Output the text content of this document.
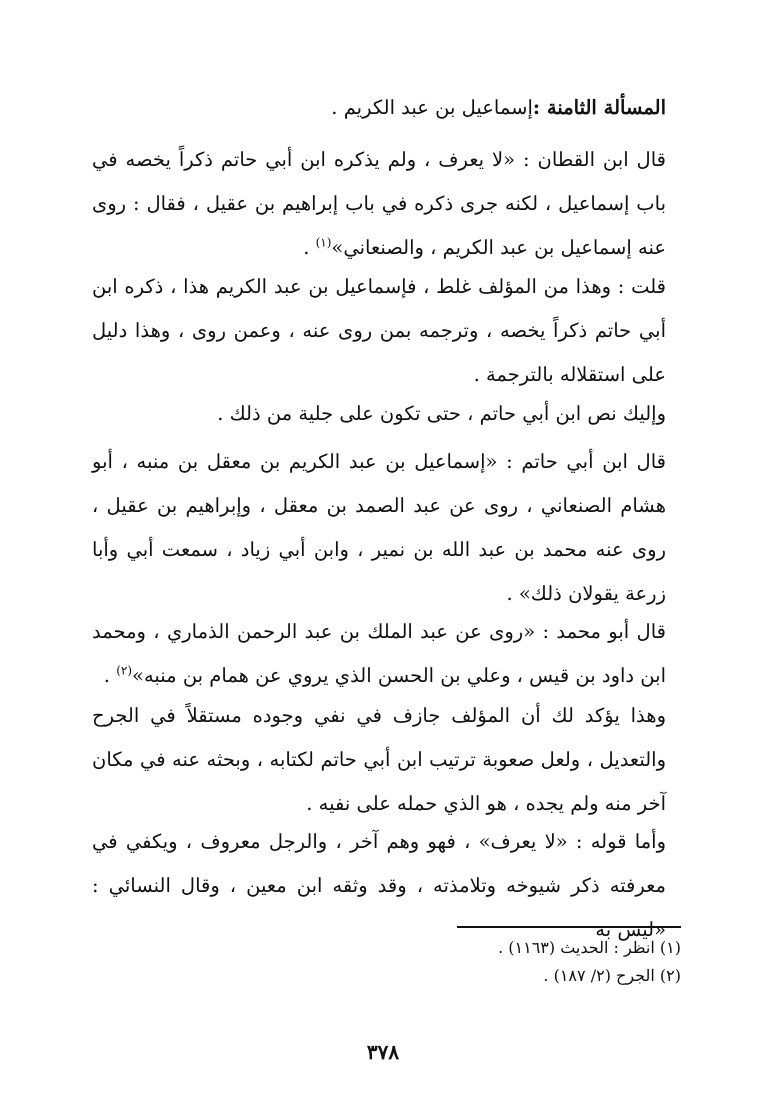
المسألة الثامنة :إسماعيل بن عبد الكريم .

قال ابن القطان : «لا يعرف ، ولم يذكره ابن أبي حاتم ذكراً يخصه في باب إسماعيل ، لكنه جرى ذكره في باب إبراهيم بن عقيل ، فقال : روى عنه إسماعيل بن عبد الكريم ، والصنعاني»$^{(١)}$ .

قلت : وهذا من المؤلف غلط ، فإسماعيل بن عبد الكريم هذا ، ذكره ابن أبي حاتم ذكراً يخصه ، وترجمه بمن روى عنه ، وعمن روى ، وهذا دليل على استقلاله بالترجمة .

وإليك نص ابن أبي حاتم ، حتى تكون على جلية من ذلك .

قال ابن أبي حاتم : «إسماعيل بن عبد الكريم بن معقل بن منبه ، أبو هشام الصنعاني ، روى عن عبد الصمد بن معقل ، وإبراهيم بن عقيل ، روى عنه محمد بن عبد الله بن نمير ، وابن أبي زياد ، سمعت أبي وأبا زرعة يقولان ذلك» .

قال أبو محمد : «روى عن عبد الملك بن عبد الرحمن الذماري ، ومحمد ابن داود بن قيس ، وعلي بن الحسن الذي يروي عن همام بن منبه»$^{(٢)}$ .

وهذا يؤكد لك أن المؤلف جازف في نفي وجوده مستقلاً في الجرح والتعديل ، ولعل صعوبة ترتيب ابن أبي حاتم لكتابه ، وبحثه عنه في مكان آخر منه ولم يجده ، هو الذي حمله على نفيه .

وأما قوله : «لا يعرف» ، فهو وهم آخر ، والرجل معروف ، ويكفي في معرفته ذكر شيوخه وتلامذته ، وقد وثقه ابن معين ، وقال النسائي : «ليس به

(١) انظر : الحديث (١١٦٣) .

(٢) الجرح (٢/ ١٨٧) .

٣٧٨
